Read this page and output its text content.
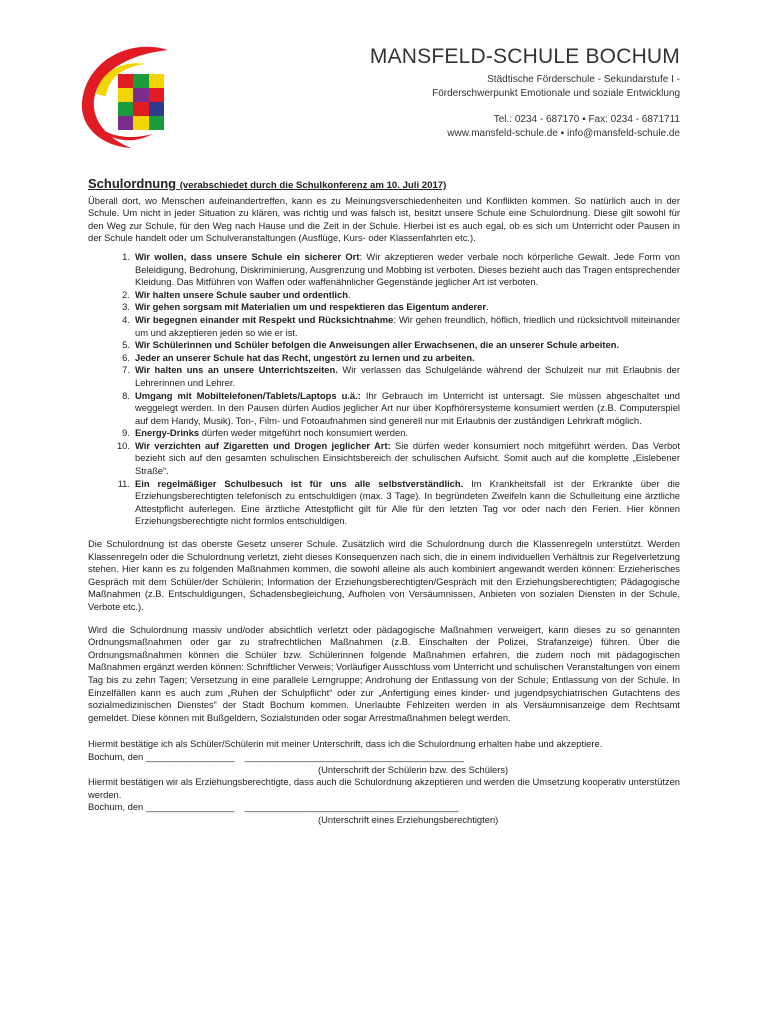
MANSFELD-SCHULE BOCHUM
Städtische Förderschule - Sekundarstufe I -
Förderschwerpunkt Emotionale und soziale Entwicklung
Tel.: 0234 - 687170 ▪ Fax: 0234 - 6871711
www.mansfeld-schule.de ▪ info@mansfeld-schule.de
Schulordnung (verabschiedet durch die Schulkonferenz am 10. Juli 2017)

Überall dort, wo Menschen aufeinandertreffen, kann es zu Meinungsverschiedenheiten und Konflikten kommen. So natürlich auch in der Schule. Um nicht in jeder Situation zu klären, was richtig und was falsch ist, besitzt unsere Schule eine Schulordnung. Diese gilt sowohl für den Weg zur Schule, für den Weg nach Hause und die Zeit in der Schule. Hierbei ist es auch egal, ob es sich um Unterricht oder Pausen in der Schule handelt oder um Schulveranstaltungen (Ausflüge, Kurs- oder Klassenfahrten etc.).

1. Wir wollen, dass unsere Schule ein sicherer Ort: Wir akzeptieren weder verbale noch körperliche Gewalt. Jede Form von Beleidigung, Bedrohung, Diskriminierung, Ausgrenzung und Mobbing ist verboten. Dieses bezieht auch das Tragen entsprechender Kleidung. Das Mitführen von Waffen oder waffenähnlicher Gegenstände jeglicher Art ist verboten.
2. Wir halten unsere Schule sauber und ordentlich.
3. Wir gehen sorgsam mit Materialien um und respektieren das Eigentum anderer.
4. Wir begegnen einander mit Respekt und Rücksichtnahme: Wir gehen freundlich, höflich, friedlich und rücksichtvoll miteinander um und akzeptieren jeden so wie er ist.
5. Wir Schülerinnen und Schüler befolgen die Anweisungen aller Erwachsenen, die an unserer Schule arbeiten.
6. Jeder an unserer Schule hat das Recht, ungestört zu lernen und zu arbeiten.
7. Wir halten uns an unsere Unterrichtszeiten. Wir verlassen das Schulgelände während der Schulzeit nur mit Erlaubnis der Lehrerinnen und Lehrer.
8. Umgang mit Mobiltelefonen/Tablets/Laptops u.ä.: Ihr Gebrauch im Unterricht ist untersagt. Sie müssen abgeschaltet und weggelegt werden. In den Pausen dürfen Audios jeglicher Art nur über Kopfhörersysteme konsumiert werden (z.B. Computerspiel auf dem Handy, Musik). Ton-, Film- und Fotoaufnahmen sind generell nur mit Erlaubnis der zuständigen Lehrkraft möglich.
9. Energy-Drinks dürfen weder mitgeführt noch konsumiert werden.
10. Wir verzichten auf Zigaretten und Drogen jeglicher Art: Sie dürfen weder konsumiert noch mitgeführt werden. Das Verbot bezieht sich auf den gesamten schulischen Einsichtsbereich der schulischen Aufsicht. Somit auch auf die komplette „Eislebener Straße“.
11. Ein regelmäßiger Schulbesuch ist für uns alle selbstverständlich. Im Krankheitsfall ist der Erkrankte über die Erziehungsberechtigten telefonisch zu entschuldigen (max. 3 Tage). In begründeten Zweifeln kann die Schulleitung eine ärztliche Attestpflicht auferlegen. Eine ärztliche Attestpflicht gilt für Alle für den letzten Tag vor oder nach den Ferien. Hier können Erziehungsberechtigte nicht formlos entschuldigen.

Die Schulordnung ist das oberste Gesetz unserer Schule. Zusätzlich wird die Schulordnung durch die Klassenregeln unterstützt. Werden Klassenregeln oder die Schulordnung verletzt, zieht dieses Konsequenzen nach sich, die in einem individuellen Verhältnis zur Regelverletzung stehen. Hier kann es zu folgenden Maßnahmen kommen, die sowohl alleine als auch kombiniert angewandt werden können: Erzieherisches Gespräch mit dem Schüler/der Schülerin; Information der Erziehungsberechtigten/Gespräch mit den Erziehungsberechtigten; Pädagogische Maßnahmen (z.B. Entschuldigungen, Schadensbegleichung, Aufholen von Versäumnissen, Anbieten von sozialen Diensten in der Schule, Verbote etc.).

Wird die Schulordnung massiv und/oder absichtlich verletzt oder pädagogische Maßnahmen verweigert, kann dieses zu so genannten Ordnungsmaßnahmen oder gar zu strafrechtlichen Maßnahmen (z.B. Einschalten der Polizei, Strafanzeige) führen. Über die Ordnungsmaßnahmen können die Schüler bzw. Schülerinnen folgende Maßnahmen erfahren, die zudem noch mit pädagogischen Maßnahmen ergänzt werden können: Schriftlicher Verweis; Vorläufiger Ausschluss vom Unterricht und schulischen Veranstaltungen von einem Tag bis zu zehn Tagen; Versetzung in eine parallele Lerngruppe; Androhung der Entlassung von der Schule; Entlassung von der Schule. In Einzelfällen kann es auch zum „Ruhen der Schulpflicht“ oder zur „Anfertigung eines kinder- und jugendpsychiatrischen Gutachtens des sozialmedizinischen Dienstes“ der Stadt Bochum kommen. Unerlaubte Fehlzeiten werden in als Versäumnisanzeige dem Rechtsamt gemeldet. Diese können mit Bußgeldern, Sozialstunden oder sogar Arrestmaßnahmen belegt werden.

Hiermit bestätige ich als Schüler/Schülerin mit meiner Unterschrift, dass ich die Schulordnung erhalten habe und akzeptiere.

Bochum, den _________________    __________________________________________
(Unterschrift der Schülerin bzw. des Schülers)

Hiermit bestätigen wir als Erziehungsberechtigte, dass auch die Schulordnung akzeptieren und werden die Umsetzung kooperativ unterstützen werden.

Bochum, den _________________    _________________________________________
(Unterschrift eines Erziehungsberechtigten)
